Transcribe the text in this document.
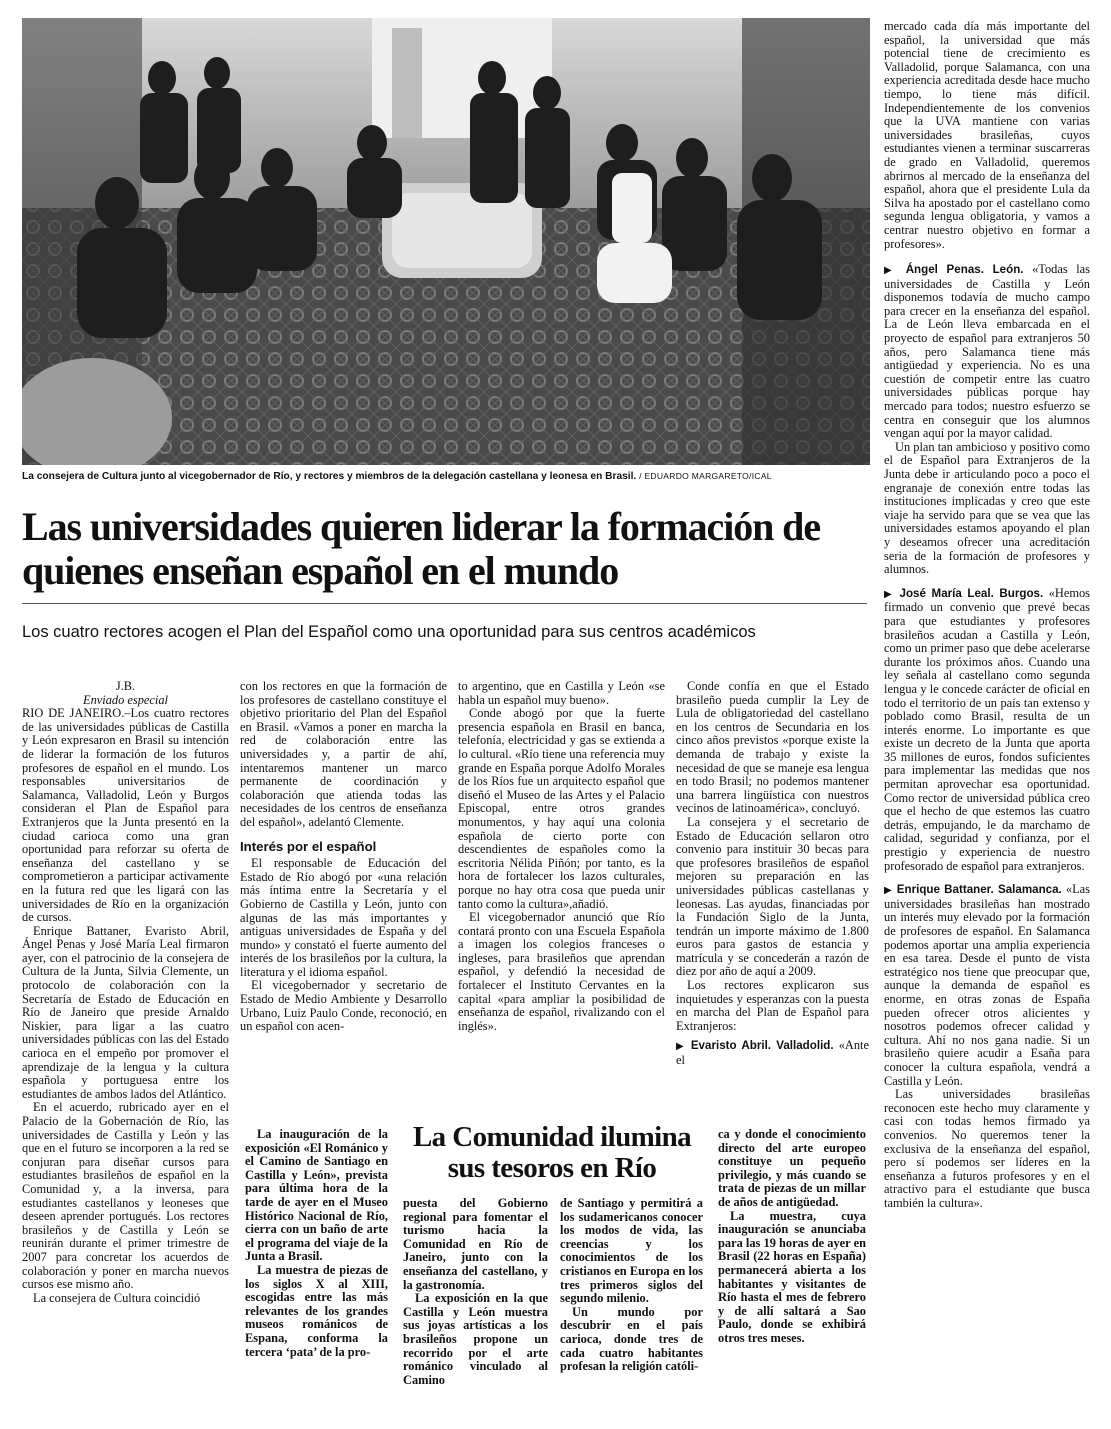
La consejera de Cultura junto al vicegobernador de Río, y rectores y miembros de la delegación castellana y leonesa en Brasil. / EDUARDO MARGARETO/ICAL
Las universidades quieren liderar la formación de quienes enseñan español en el mundo
Los cuatro rectores acogen el Plan del Español como una oportunidad para sus centros académicos

J.B.

Enviado especial

RIO DE JANEIRO.–Los cuatro rectores de las universidades públicas de Castilla y León expresaron en Brasil su intención de liderar la formación de los futuros profesores de español en el mundo. Los responsables universitarios de Salamanca, Valladolid, León y Burgos consideran el Plan de Español para Extranjeros que la Junta presentó en la ciudad carioca como una gran oportunidad para reforzar su oferta de enseñanza del castellano y se comprometieron a participar activamente en la futura red que les ligará con las universidades de Río en la organización de cursos.

Enrique Battaner, Evaristo Abril, Ángel Penas y José María Leal firmaron ayer, con el patrocinio de la consejera de Cultura de la Junta, Silvia Clemente, un protocolo de colaboración con la Secretaría de Estado de Educación en Río de Janeiro que preside Arnaldo Niskier, para ligar a las cuatro universidades públicas con las del Estado carioca en el empeño por promover el aprendizaje de la lengua y la cultura española y portuguesa entre los estudiantes de ambos lados del Atlántico.

En el acuerdo, rubricado ayer en el Palacio de la Gobernación de Río, las universidades de Castilla y León y las que en el futuro se incorporen a la red se conjuran para diseñar cursos para estudiantes brasileños de español en la Comunidad y, a la inversa, para estudiantes castellanos y leoneses que deseen aprender portugués. Los rectores brasileños y de Castilla y León se reunirán durante el primer trimestre de 2007 para concretar los acuerdos de colaboración y poner en marcha nuevos cursos ese mismo año.

La consejera de Cultura coincidió

con los rectores en que la formación de los profesores de castellano constituye el objetivo prioritario del Plan del Español en Brasil. «Vamos a poner en marcha la red de colaboración entre las universidades y, a partir de ahí, intentaremos mantener un marco permanente de coordinación y colaboración que atienda todas las necesidades de los centros de enseñanza del español», adelantó Clemente.

Interés por el español

El responsable de Educación del Estado de Río abogó por «una relación más íntima entre la Secretaría y el Gobierno de Castilla y León, junto con algunas de las más importantes y antiguas universidades de España y del mundo» y constató el fuerte aumento del interés de los brasileños por la cultura, la literatura y el idioma español.

El vicegobernador y secretario de Estado de Medio Ambiente y Desarrollo Urbano, Luiz Paulo Conde, reconoció, en un español con acen-

to argentino, que en Castilla y León «se habla un español muy bueno».

Conde abogó por que la fuerte presencia española en Brasil en banca, telefonía, electricidad y gas se extienda a lo cultural. «Río tiene una referencia muy grande en España porque Adolfo Morales de los Ríos fue un arquitecto español que diseñó el Museo de las Artes y el Palacio Episcopal, entre otros grandes monumentos, y hay aquí una colonia española de cierto porte con descendientes de españoles como la escritoria Nélida Piñón; por tanto, es la hora de fortalecer los lazos culturales, porque no hay otra cosa que pueda unir tanto como la cultura»,añadió.

El vicegobernador anunció que Río contará pronto con una Escuela Española a imagen los colegios franceses o ingleses, para brasileños que aprendan español, y defendió la necesidad de fortalecer el Instituto Cervantes en la capital «para ampliar la posibilidad de enseñanza de español, rivalizando con el inglés».

Conde confía en que el Estado brasileño pueda cumplir la Ley de Lula de obligatoriedad del castellano en los centros de Secundaria en los cinco años previstos «porque existe la demanda de trabajo y existe la necesidad de que se maneje esa lengua en todo Brasil; no podemos mantener una barrera lingüística con nuestros vecinos de latinoamérica», concluyó.

La consejera y el secretario de Estado de Educación sellaron otro convenio para instituir 30 becas para que profesores brasileños de español mejoren su preparación en las universidades públicas castellanas y leonesas. Las ayudas, financiadas por la Fundación Siglo de la Junta, tendrán un importe máximo de 1.800 euros para gastos de estancia y matrícula y se concederán a razón de diez por año de aquí a 2009.

Los rectores explicaron sus inquietudes y esperanzas con la puesta en marcha del Plan de Español para Extranjeros:

▶ Evaristo Abril. Valladolid. «Ante el

mercado cada día más importante del español, la universidad que más potencial tiene de crecimiento es Valladolid, porque Salamanca, con una experiencia acreditada desde hace mucho tiempo, lo tiene más difícil. Independientemente de los convenios que la UVA mantiene con varias universidades brasileñas, cuyos estudiantes vienen a terminar suscarreras de grado en Valladolid, queremos abrirnos al mercado de la enseñanza del español, ahora que el presidente Lula da Silva ha apostado por el castellano como segunda lengua obligatoria, y vamos a centrar nuestro objetivo en formar a profesores».

▶ Ángel Penas. León. «Todas las universidades de Castilla y León disponemos todavía de mucho campo para crecer en la enseñanza del español. La de León lleva embarcada en el proyecto de español para extranjeros 50 años, pero Salamanca tiene más antigüedad y experiencia. No es una cuestión de competir entre las cuatro universidades públicas porque hay mercado para todos; nuestro esfuerzo se centra en conseguir que los alumnos vengan aquí por la mayor calidad.

Un plan tan ambicioso y positivo como el de Español para Extranjeros de la Junta debe ir articulando poco a poco el engranaje de conexión entre todas las instituciones implicadas y creo que este viaje ha servido para que se vea que las universidades estamos apoyando el plan y deseamos ofrecer una acreditación seria de la formación de profesores y alumnos.

▶ José María Leal. Burgos. «Hemos firmado un convenio que prevé becas para que estudiantes y profesores brasileños acudan a Castilla y León, como un primer paso que debe acelerarse durante los próximos años. Cuando una ley señala al castellano como segunda lengua y le concede carácter de oficial en todo el territorio de un país tan extenso y poblado como Brasil, resulta de un interés enorme. Lo importante es que existe un decreto de la Junta que aporta 35 millones de euros, fondos suficientes para implementar las medidas que nos permitan aprovechar esa oportunidad. Como rector de universidad pública creo que el hecho de que estemos las cuatro detrás, empujando, le da marchamo de calidad, seguridad y confianza, por el prestigio y experiencia de nuestro profesorado de español para extranjeros.

▶ Enrique Battaner. Salamanca. «Las universidades brasileñas han mostrado un interés muy elevado por la formación de profesores de español. En Salamanca podemos aportar una amplia experiencia en esa tarea. Desde el punto de vista estratégico nos tiene que preocupar que, aunque la demanda de español es enorme, en otras zonas de España pueden ofrecer otros alicientes y nosotros podemos ofrecer calidad y cultura. Ahí no nos gana nadie. Si un brasileño quiere acudir a Esaña para conocer la cultura española, vendrá a Castilla y León.

Las universidades brasileñas reconocen este hecho muy claramente y casi con todas hemos firmado ya convenios. No queremos tener la exclusiva de la enseñanza del español, pero sí podemos ser líderes en la enseñanza a futuros profesores y en el atractivo para el estudiante que busca también la cultura».

La Comunidad ilumina sus tesoros en Río

La inauguración de la exposición «El Románico y el Camino de Santiago en Castilla y León», prevista para última hora de la tarde de ayer en el Museo Histórico Nacional de Río, cierra con un baño de arte el programa del viaje de la Junta a Brasil.

La muestra de piezas de los siglos X al XIII, escogidas entre las más relevantes de los grandes museos románicos de Espana, conforma la tercera ‘pata’ de la pro-

puesta del Gobierno regional para fomentar el turismo hacia la Comunidad en Río de Janeiro, junto con la enseñanza del castellano, y la gastronomía.

La exposición en la que Castilla y León muestra sus joyas artísticas a los brasileños propone un recorrido por el arte románico vinculado al Camino

de Santiago y permitirá a los sudamericanos conocer los modos de vida, las creencias y los conocimientos de los cristianos en Europa en los tres primeros siglos del segundo milenio.

Un mundo por descubrir en el país carioca, donde tres de cada cuatro habitantes profesan la religión católi-

ca y donde el conocimiento directo del arte europeo constituye un pequeño privilegio, y más cuando se trata de piezas de un millar de años de antigüedad.

La muestra, cuya inauguración se anunciaba para las 19 horas de ayer en Brasil (22 horas en España) permanecerá abierta a los habitantes y visitantes de Río hasta el mes de febrero y de allí saltará a Sao Paulo, donde se exhibirá otros tres meses.
